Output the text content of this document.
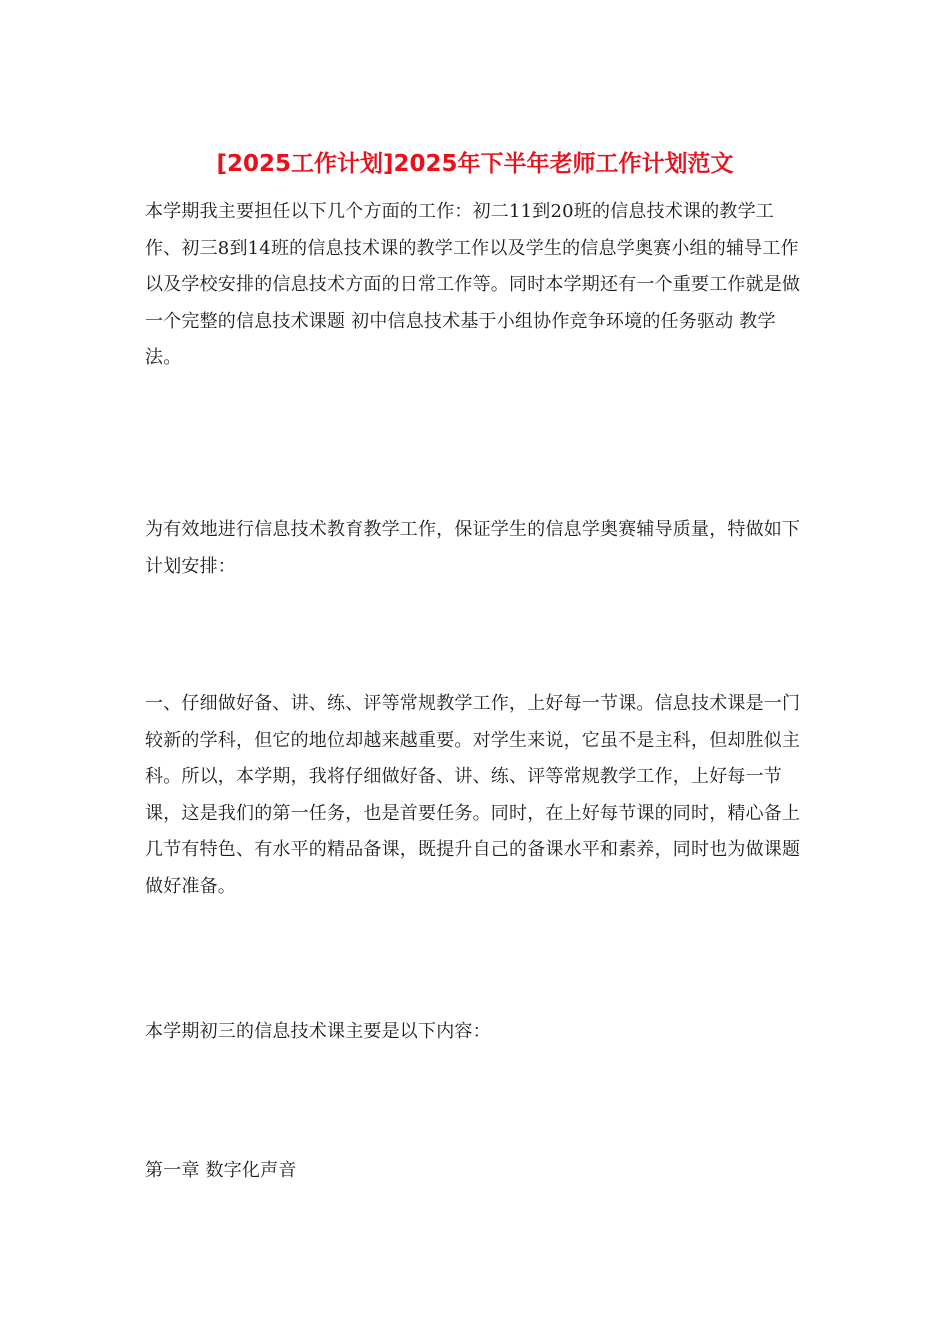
[2025工作计划]2025年下半年老师工作计划范文

本学期我主要担任以下几个方面的工作：初二11到20班的信息技术课的教学工作、初三8到14班的信息技术课的教学工作以及学生的信息学奥赛小组的辅导工作以及学校安排的信息技术方面的日常工作等。同时本学期还有一个重要工作就是做一个完整的信息技术课题 初中信息技术基于小组协作竞争环境的任务驱动 教学法。

为有效地进行信息技术教育教学工作，保证学生的信息学奥赛辅导质量，特做如下计划安排：

一、仔细做好备、讲、练、评等常规教学工作，上好每一节课。信息技术课是一门较新的学科，但它的地位却越来越重要。对学生来说，它虽不是主科，但却胜似主科。所以，本学期，我将仔细做好备、讲、练、评等常规教学工作，上好每一节课，这是我们的第一任务，也是首要任务。同时，在上好每节课的同时，精心备上几节有特色、有水平的精品备课，既提升自己的备课水平和素养，同时也为做课题做好准备。

本学期初三的信息技术课主要是以下内容：

第一章 数字化声音
